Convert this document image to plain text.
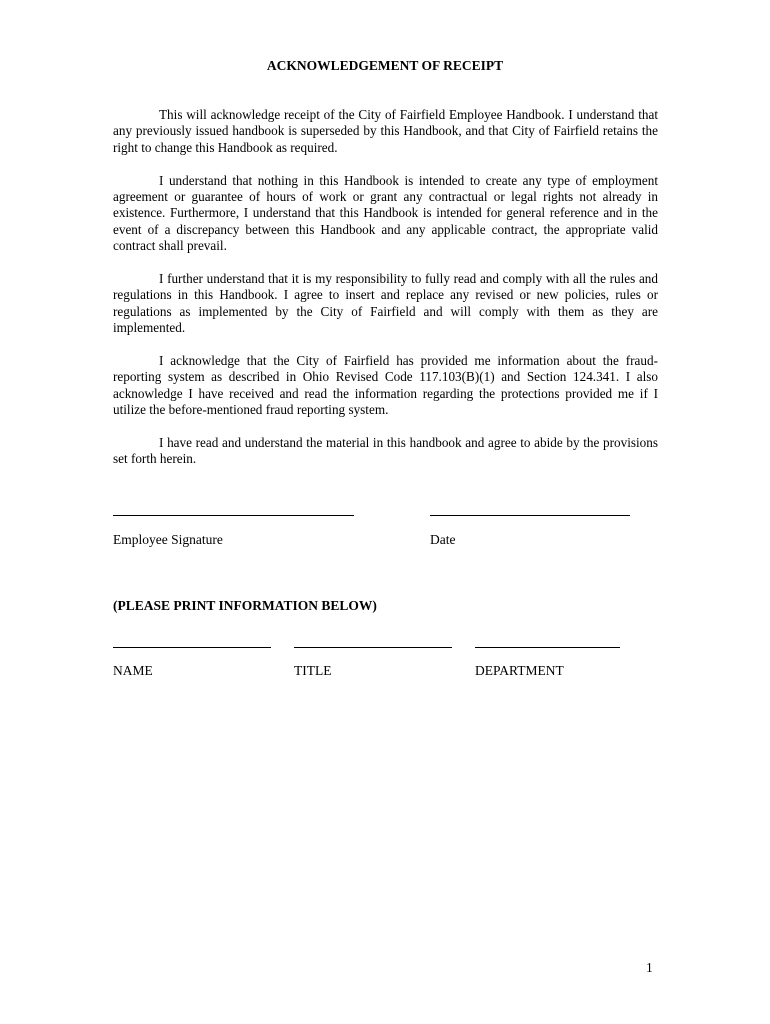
ACKNOWLEDGEMENT OF RECEIPT

This will acknowledge receipt of the City of Fairfield Employee Handbook. I understand that any previously issued handbook is superseded by this Handbook, and that City of Fairfield retains the right to change this Handbook as required.

I understand that nothing in this Handbook is intended to create any type of employment agreement or guarantee of hours of work or grant any contractual or legal rights not already in existence. Furthermore, I understand that this Handbook is intended for general reference and in the event of a discrepancy between this Handbook and any applicable contract, the appropriate valid contract shall prevail.

I further understand that it is my responsibility to fully read and comply with all the rules and regulations in this Handbook. I agree to insert and replace any revised or new policies, rules or regulations as implemented by the City of Fairfield and will comply with them as they are implemented.

I acknowledge that the City of Fairfield has provided me information about the fraud-reporting system as described in Ohio Revised Code 117.103(B)(1) and Section 124.341. I also acknowledge I have received and read the information regarding the protections provided me if I utilize the before-mentioned fraud reporting system.

I have read and understand the material in this handbook and agree to abide by the provisions set forth herein.

Employee Signature	Date
(PLEASE PRINT INFORMATION BELOW)
NAME	TITLE	DEPARTMENT
1
